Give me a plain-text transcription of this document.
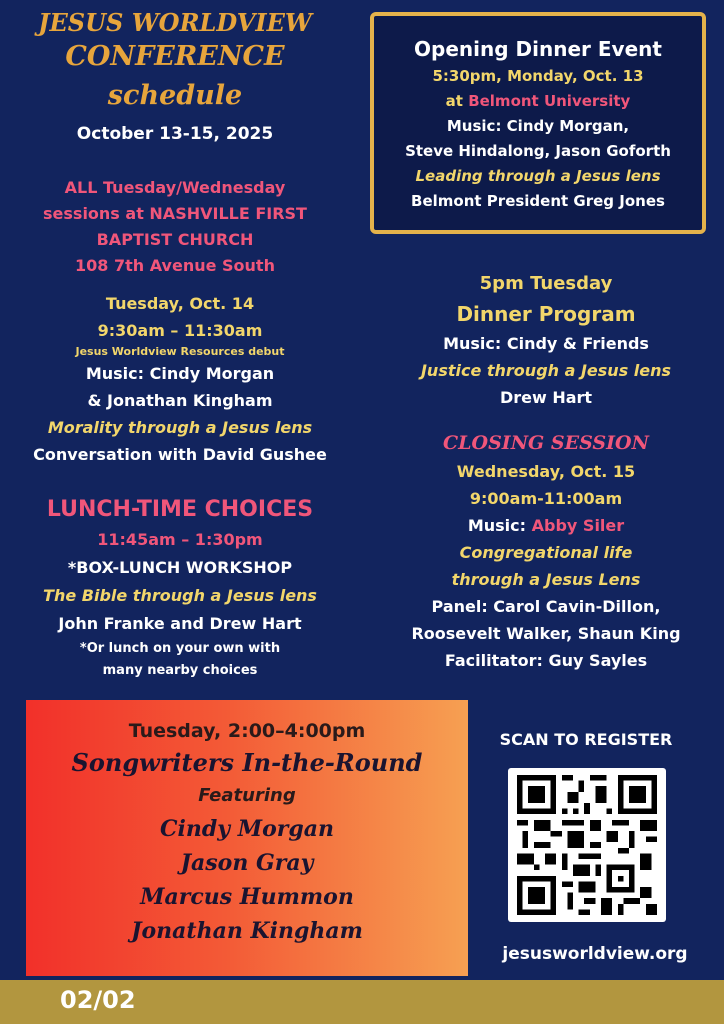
JESUS WORLDVIEW
CONFERENCE
schedule
October 13-15, 2025
ALL Tuesday/Wednesday
sessions at NASHVILLE FIRST
BAPTIST CHURCH
108 7th Avenue South
Tuesday, Oct. 14
9:30am – 11:30am
Jesus Worldview Resources debut
Music: Cindy Morgan
& Jonathan Kingham
Morality through a Jesus lens
Conversation with David Gushee
LUNCH-TIME CHOICES
11:45am – 1:30pm
*BOX-LUNCH WORKSHOP
The Bible through a Jesus lens
John Franke and Drew Hart
*Or lunch on your own with
many nearby choices
Opening Dinner Event
5:30pm, Monday, Oct. 13
at Belmont University
Music: Cindy Morgan,
Steve Hindalong, Jason Goforth
Leading through a Jesus lens
Belmont President Greg Jones
5pm Tuesday
Dinner Program
Music: Cindy & Friends
Justice through a Jesus lens
Drew Hart
CLOSING SESSION
Wednesday, Oct. 15
9:00am-11:00am
Music: Abby Siler
Congregational life
through a Jesus Lens
Panel: Carol Cavin-Dillon,
Roosevelt Walker, Shaun King
Facilitator: Guy Sayles
Tuesday, 2:00–4:00pm
Songwriters In-the-Round
Featuring
Cindy Morgan
Jason Gray
Marcus Hummon
Jonathan Kingham
SCAN TO REGISTER
jesusworldview.org
02/02
